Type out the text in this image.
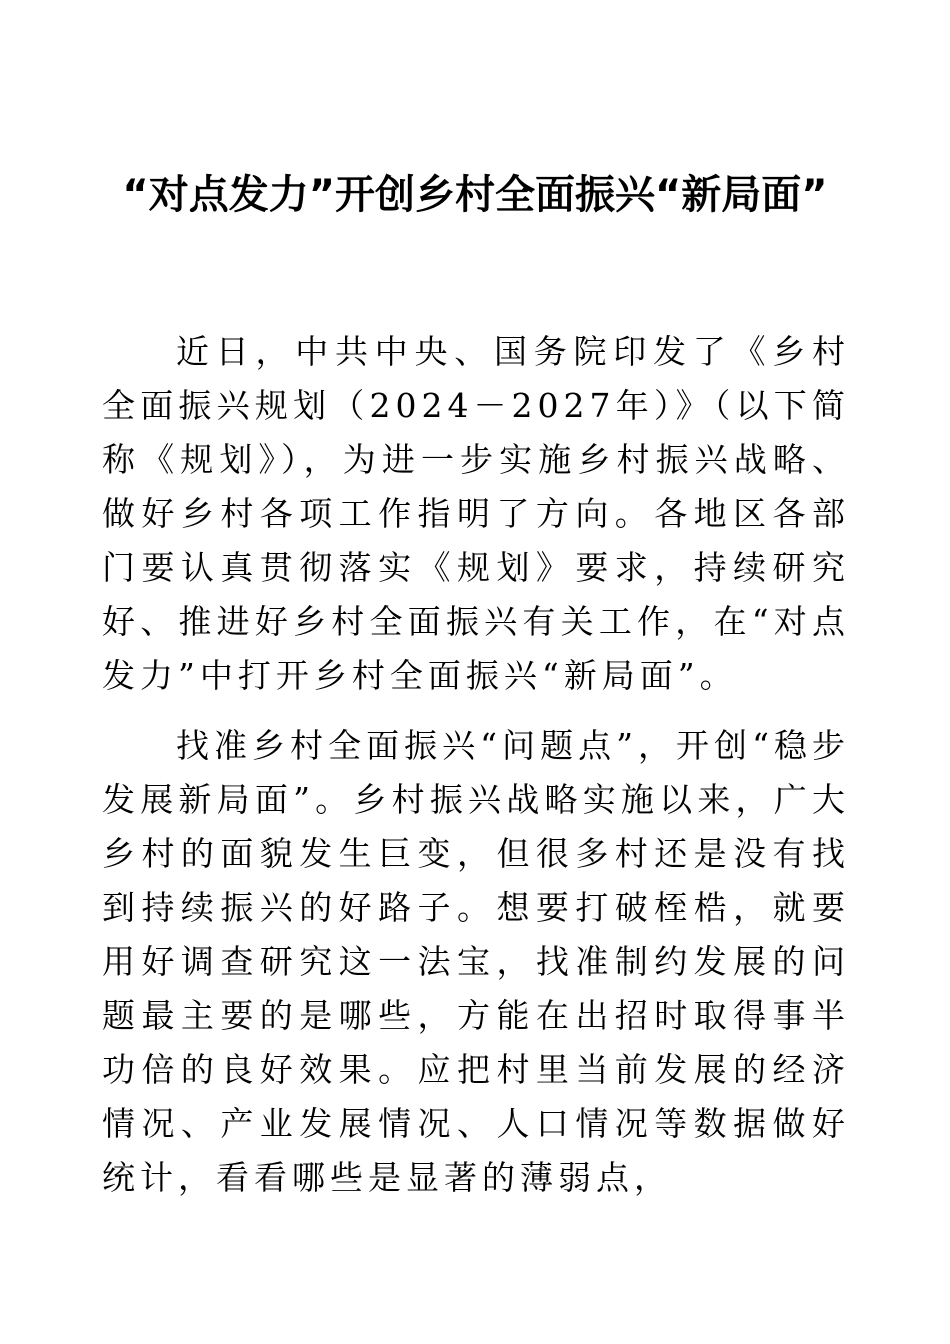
“对点发力”开创乡村全面振兴“新局面”

近日，中共中央、国务院印发了《乡村全面振兴规划（2024－2027年）》（以下简称《规划》），为进一步实施乡村振兴战略、做好乡村各项工作指明了方向。各地区各部门要认真贯彻落实《规划》要求，持续研究好、推进好乡村全面振兴有关工作，在“对点发力”中打开乡村全面振兴“新局面”。

找准乡村全面振兴“问题点”，开创“稳步发展新局面”。乡村振兴战略实施以来，广大乡村的面貌发生巨变，但很多村还是没有找到持续振兴的好路子。想要打破桎梏，就要用好调查研究这一法宝，找准制约发展的问题最主要的是哪些，方能在出招时取得事半功倍的良好效果。应把村里当前发展的经济情况、产业发展情况、人口情况等数据做好统计，看看哪些是显著的薄弱点，
